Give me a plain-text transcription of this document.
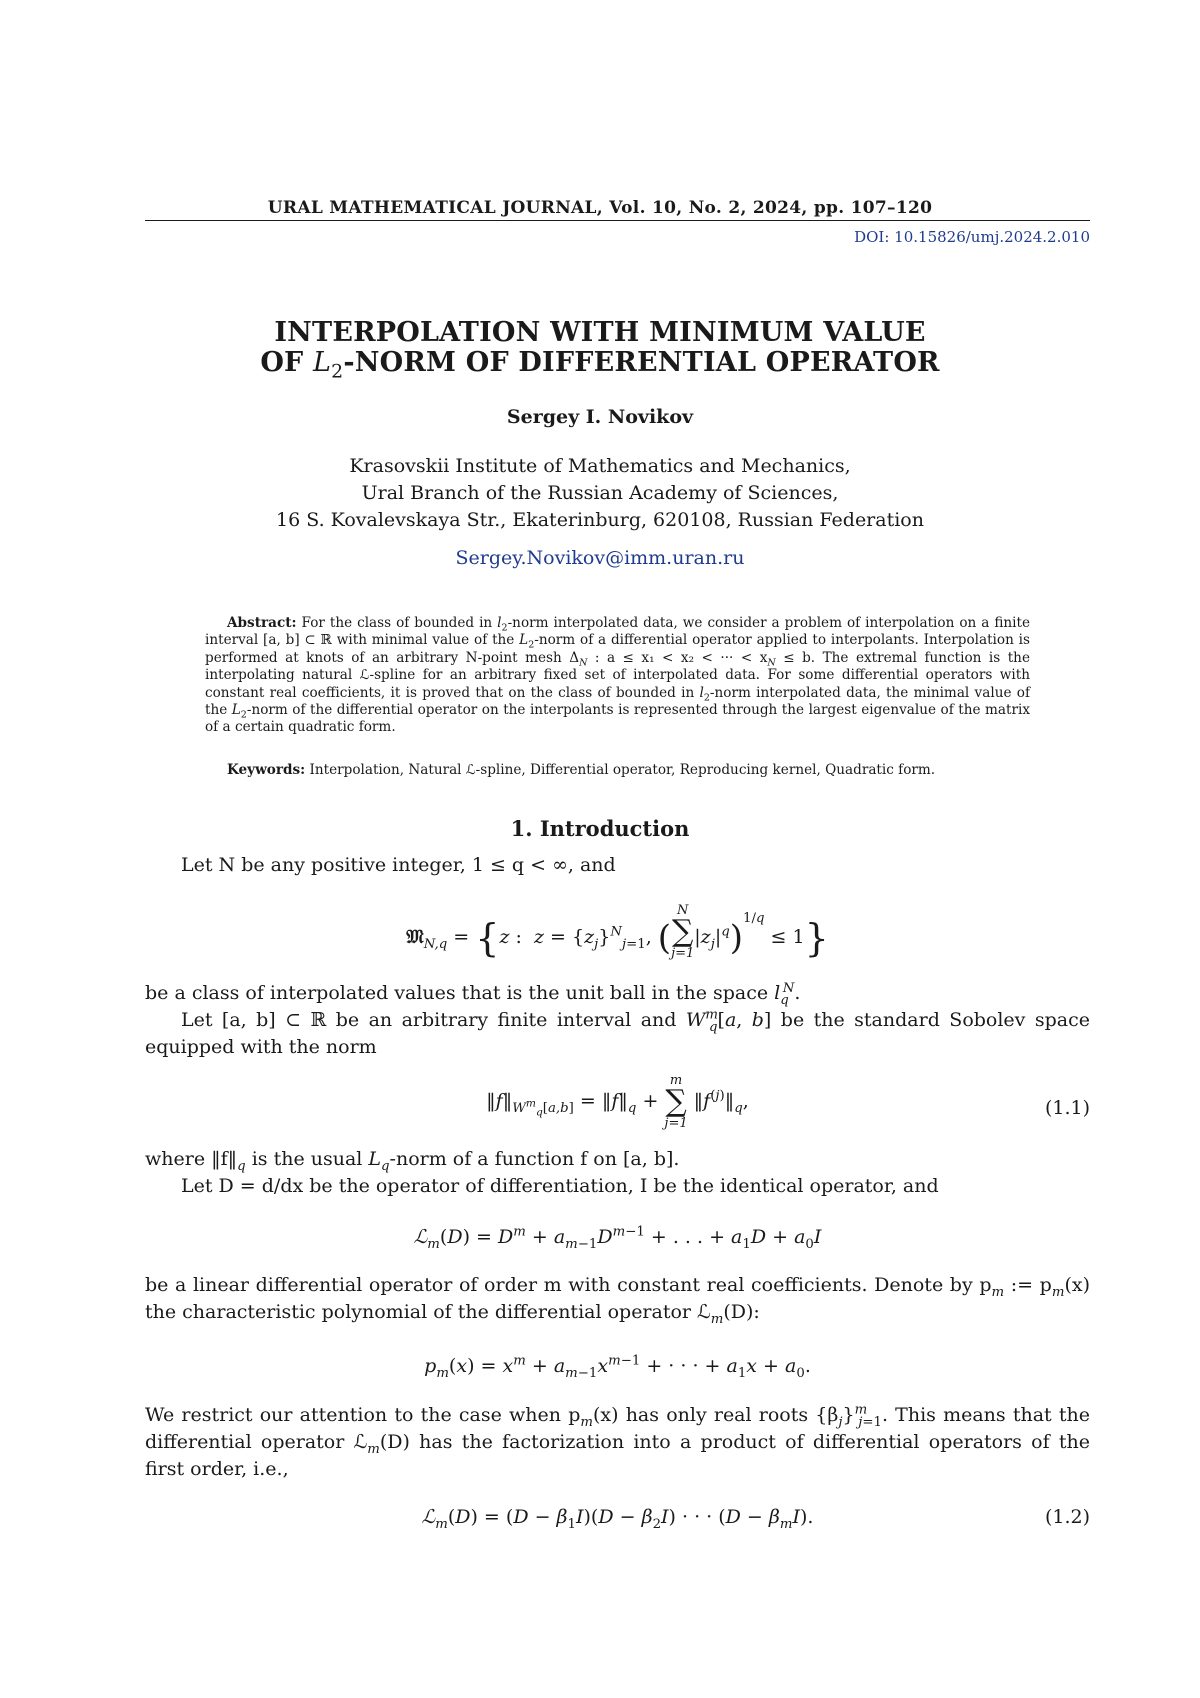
URAL MATHEMATICAL JOURNAL, Vol. 10, No. 2, 2024, pp. 107–120
DOI: 10.15826/umj.2024.2.010
INTERPOLATION WITH MINIMUM VALUE
OF $L_2$-NORM OF DIFFERENTIAL OPERATOR
Sergey I. Novikov
Krasovskii Institute of Mathematics and Mechanics,
Ural Branch of the Russian Academy of Sciences,
16 S. Kovalevskaya Str., Ekaterinburg, 620108, Russian Federation
Sergey.Novikov@imm.uran.ru
Abstract: For the class of bounded in $l_2$-norm interpolated data, we consider a problem of interpolation on a finite interval [a, b] ⊂ ℝ with minimal value of the $L_2$-norm of a differential operator applied to interpolants. Interpolation is performed at knots of an arbitrary N-point mesh $\Delta_N$ : a ≤ x₁ < x₂ < ··· < $x_N \le b$. The extremal function is the interpolating natural ℒ-spline for an arbitrary fixed set of interpolated data. For some differential operators with constant real coefficients, it is proved that on the class of bounded in $l_2$-norm interpolated data, the minimal value of the $L_2$-norm of the differential operator on the interpolants is represented through the largest eigenvalue of the matrix of a certain quadratic form.
Keywords: Interpolation, Natural ℒ-spline, Differential operator, Reproducing kernel, Quadratic form.
1. Introduction
Let N be any positive integer, 1 ≤ q < ∞, and
𝔐$_{N,q}$ = {z :  $z = \{z_j\}^N_{j=1}$, (
N
∑
j=1
$|z_j|^q)^{1/q} \le 1$}
be a class of interpolated values that is the unit ball in the space $l_q^N$.
Let [a, b] ⊂ ℝ be an arbitrary finite interval and $W^m_q[a$, b] be the standard Sobolev space equipped with the norm
$‖f‖_{W^m_q[a,b]}$ = $‖f‖_q$ +
m
∑
j=1
$‖f^{(j)}‖_q$,	(1.1)
where $‖f‖_q$ is the usual $L_q$-norm of a function f on [a, b].
Let D = d/dx be the operator of differentiation, I be the identical operator, and
ℒ$_m$(D) = $D^m + a_{m-1}D^{m-1}$ + . . . + $a_1D + a_0I$
be a linear differential operator of order m with constant real coefficients. Denote by $p_m$ := $p_m(x)$ the characteristic polynomial of the differential operator ℒ$_m$(D):
$p_m(x) = x^m + a_{m-1}x^{m-1}$ + · · · + $a_1x + a_0$.
We restrict our attention to the case when $p_m(x)$ has only real roots $\{\beta_j\}^m_{j=1}$. This means that the differential operator ℒ$_m$(D) has the factorization into a product of differential operators of the first order, i.e.,
ℒ$_m$(D) = $(D - \beta_1I)(D - \beta_2I)$ · · · $(D - \beta_mI)$.	(1.2)
